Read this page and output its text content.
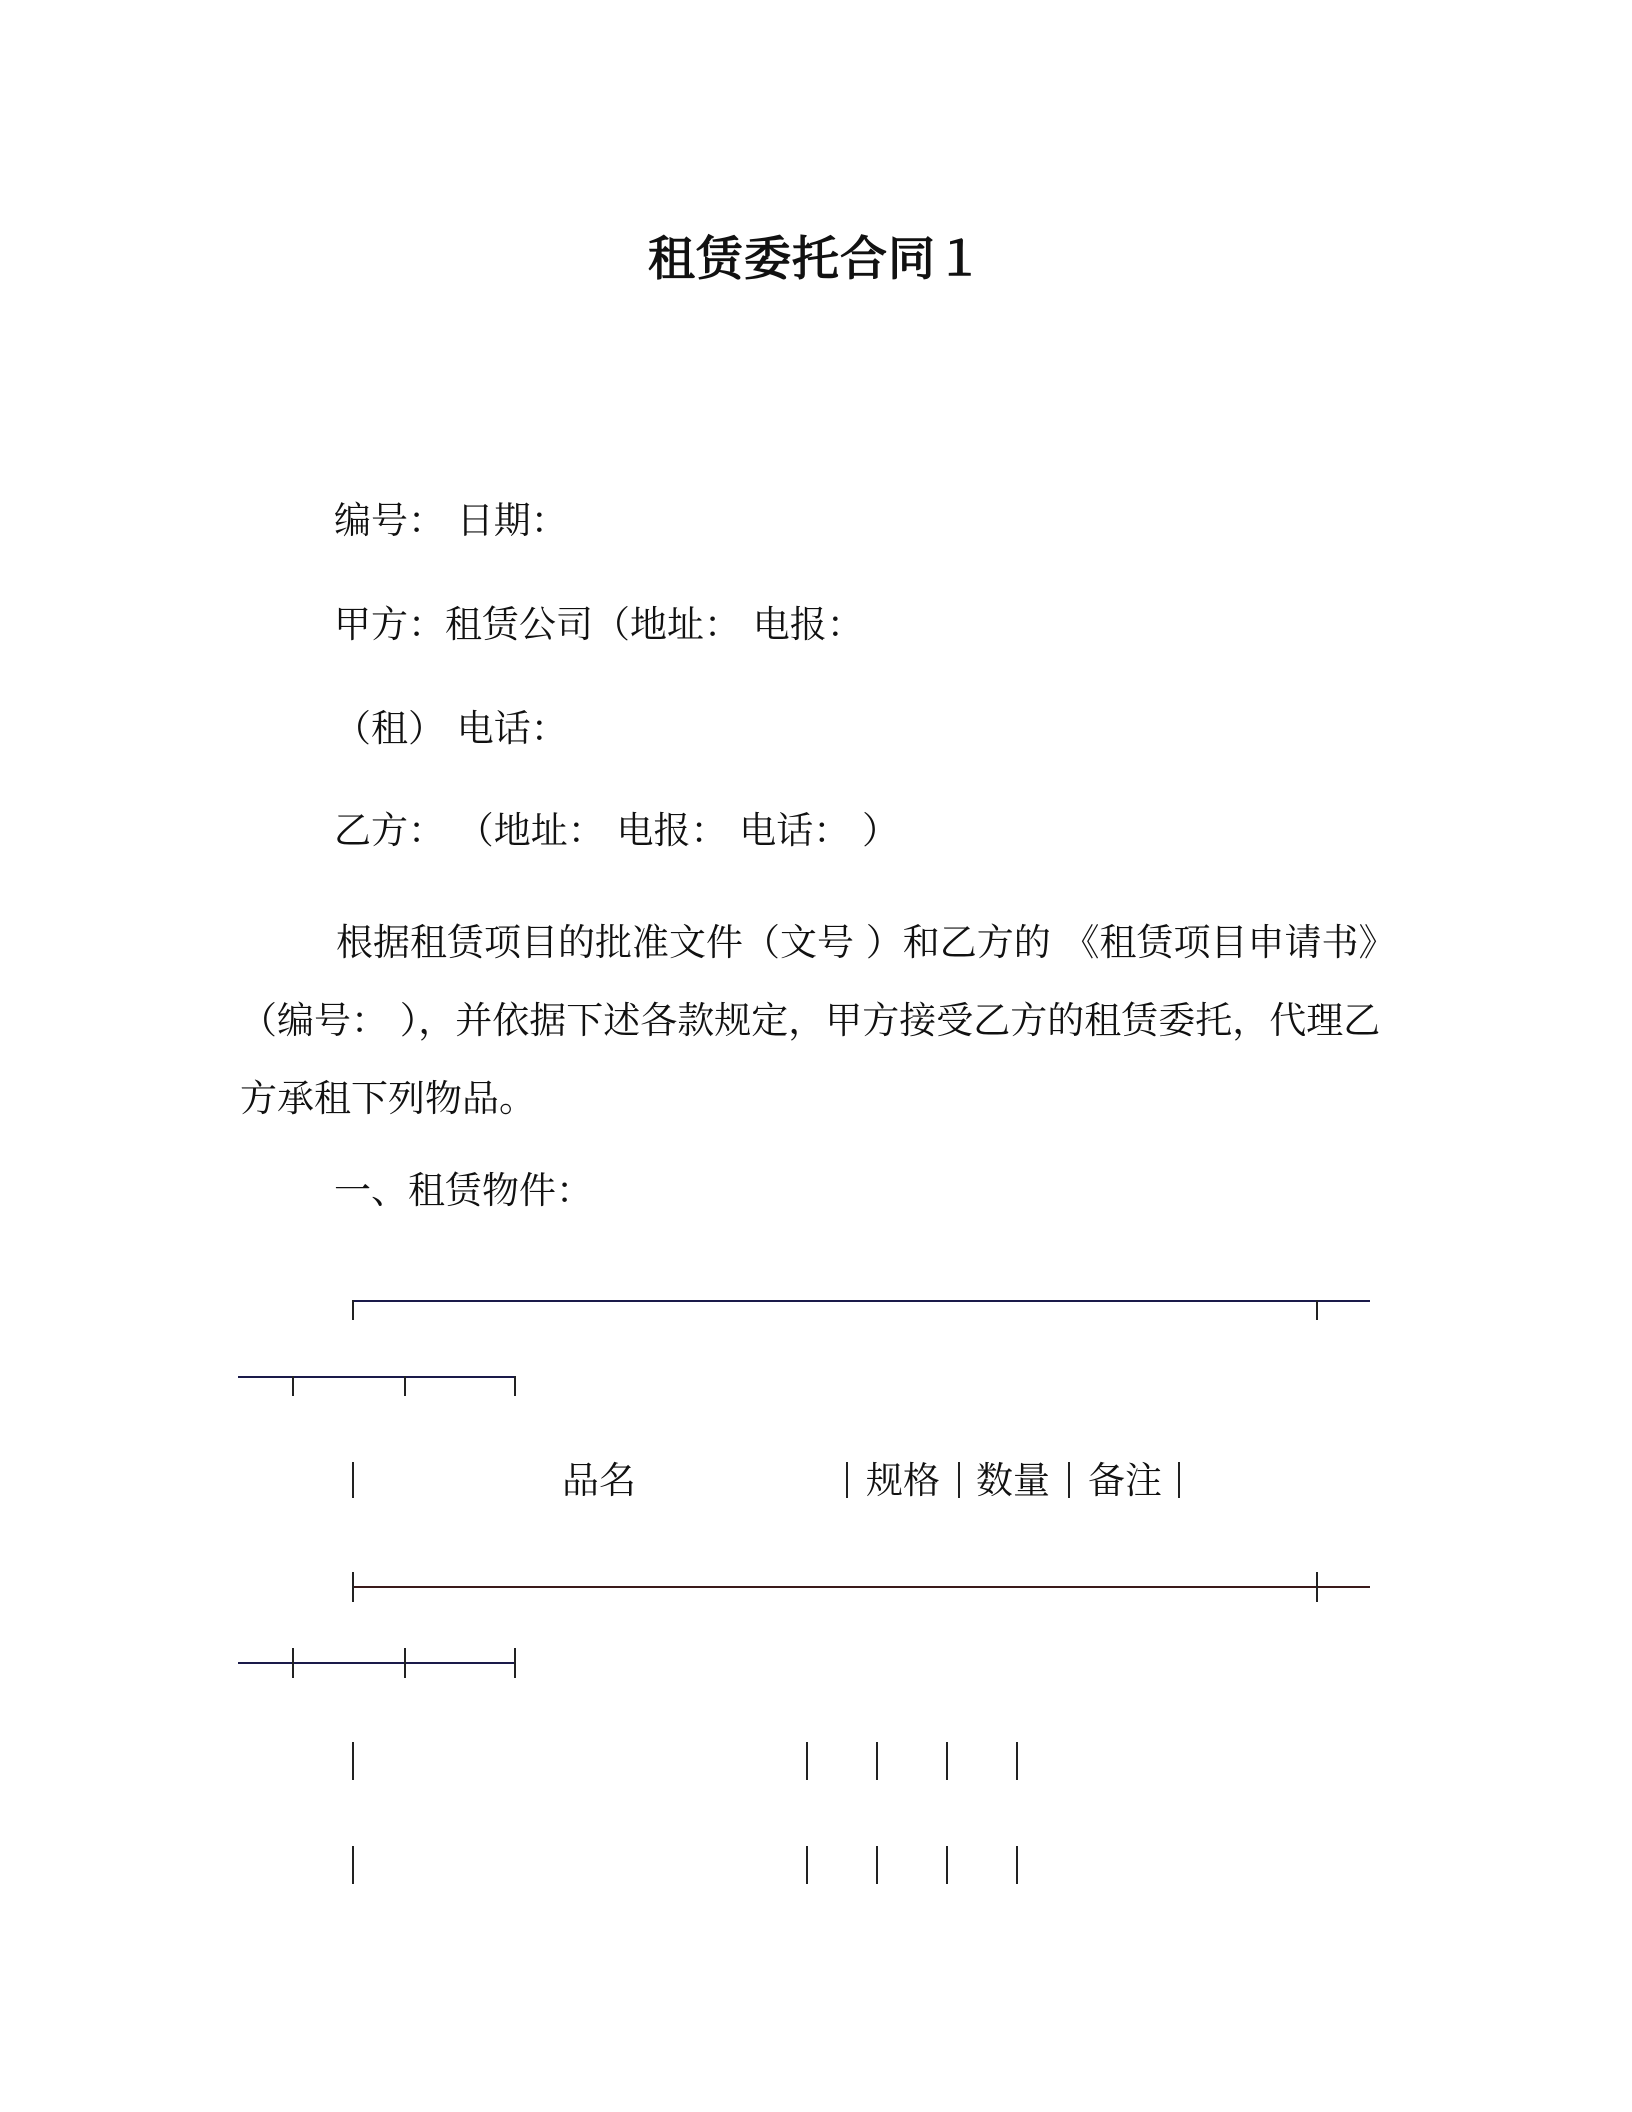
租赁委托合同１
编号： 日期：
甲方：租赁公司（地址： 电报：
（租） 电话：
乙方： （地址： 电报： 电话： ）
根据租赁项目的批准文件（文号 ）和乙方的 《租赁项目申请书》（编号： ），并依据下述各款规定，甲方接受乙方的租赁委托，代理乙方承租下列物品。
一、租赁物件：
品名	规格 数量 备注
